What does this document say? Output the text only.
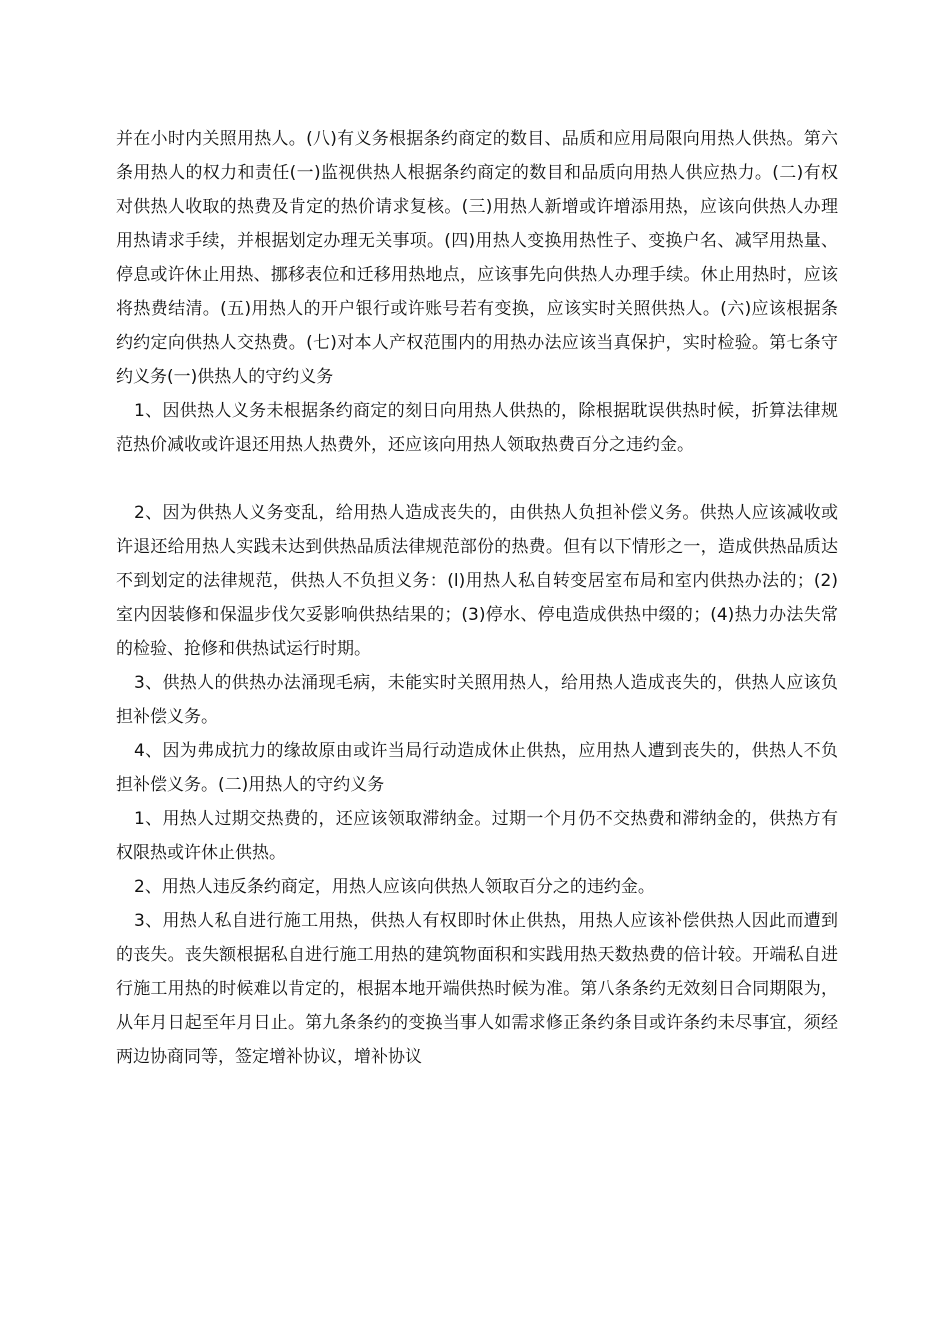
并在小时内关照用热人。(八)有义务根据条约商定的数目、品质和应用局限向用热人供热。第六条用热人的权力和责任(一)监视供热人根据条约商定的数目和品质向用热人供应热力。(二)有权对供热人收取的热费及肯定的热价请求复核。(三)用热人新增或许增添用热，应该向供热人办理用热请求手续，并根据划定办理无关事项。(四)用热人变换用热性子、变换户名、减罕用热量、停息或许休止用热、挪移表位和迁移用热地点，应该事先向供热人办理手续。休止用热时，应该将热费结清。(五)用热人的开户银行或许账号若有变换，应该实时关照供热人。(六)应该根据条约约定向供热人交热费。(七)对本人产权范围内的用热办法应该当真保护，实时检验。第七条守约义务(一)供热人的守约义务

1、因供热人义务未根据条约商定的刻日向用热人供热的，除根据耽误供热时候，折算法律规范热价减收或许退还用热人热费外，还应该向用热人领取热费百分之违约金。

2、因为供热人义务变乱，给用热人造成丧失的，由供热人负担补偿义务。供热人应该减收或许退还给用热人实践未达到供热品质法律规范部份的热费。但有以下情形之一，造成供热品质达不到划定的法律规范，供热人不负担义务：(l)用热人私自转变居室布局和室内供热办法的；(2)室内因装修和保温步伐欠妥影响供热结果的；(3)停水、停电造成供热中缀的；(4)热力办法失常的检验、抢修和供热试运行时期。

3、供热人的供热办法涌现毛病，未能实时关照用热人，给用热人造成丧失的，供热人应该负担补偿义务。

4、因为弗成抗力的缘故原由或许当局行动造成休止供热，应用热人遭到丧失的，供热人不负担补偿义务。(二)用热人的守约义务

1、用热人过期交热费的，还应该领取滞纳金。过期一个月仍不交热费和滞纳金的，供热方有权限热或许休止供热。

2、用热人违反条约商定，用热人应该向供热人领取百分之的违约金。

3、用热人私自进行施工用热，供热人有权即时休止供热，用热人应该补偿供热人因此而遭到的丧失。丧失额根据私自进行施工用热的建筑物面积和实践用热天数热费的倍计较。开端私自进行施工用热的时候难以肯定的，根据本地开端供热时候为准。第八条条约无效刻日合同期限为，从年月日起至年月日止。第九条条约的变换当事人如需求修正条约条目或许条约未尽事宜，须经两边协商同等，签定增补协议，增补协议
